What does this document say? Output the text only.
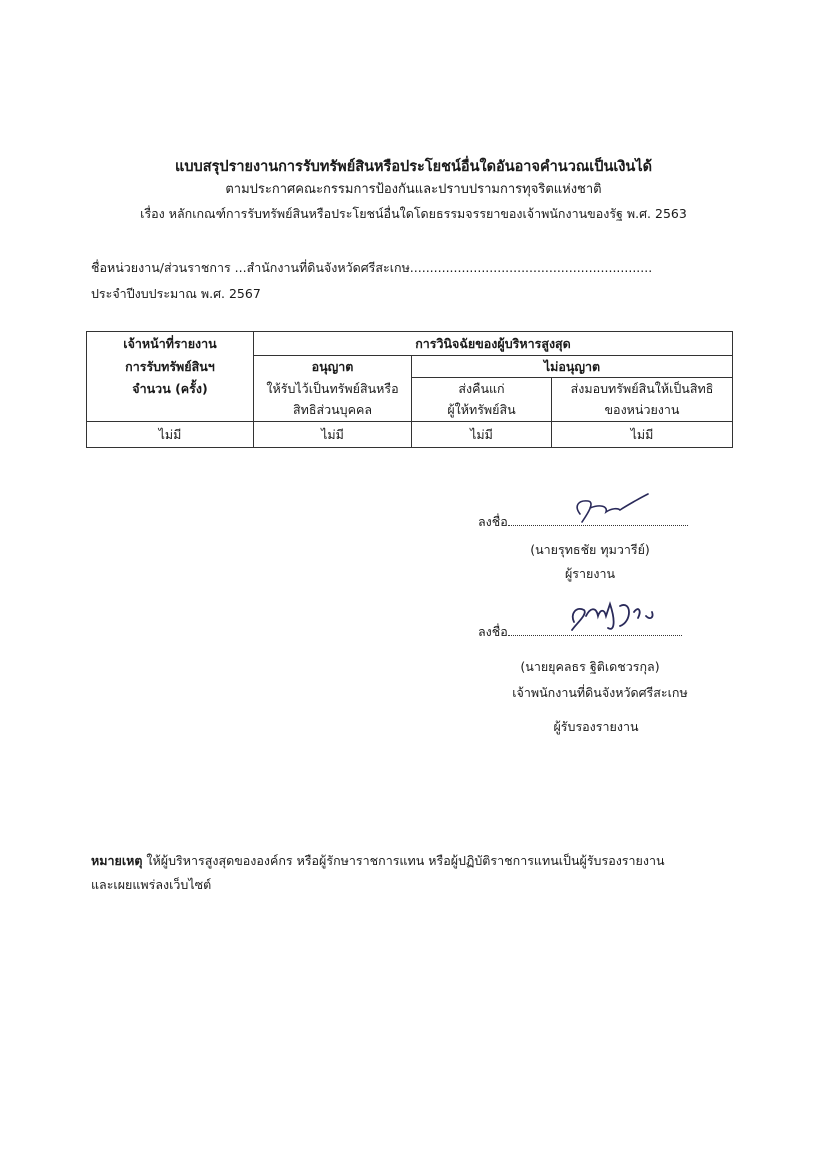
แบบสรุปรายงานการรับทรัพย์สินหรือประโยชน์อื่นใดอันอาจคำนวณเป็นเงินได้

ตามประกาศคณะกรรมการป้องกันและปราบปรามการทุจริตแห่งชาติ

เรื่อง หลักเกณฑ์การรับทรัพย์สินหรือประโยชน์อื่นใดโดยธรรมจรรยาของเจ้าพนักงานของรัฐ พ.ศ. 2563

ชื่อหน่วยงาน/ส่วนราชการ ...สำนักงานที่ดินจังหวัดศรีสะเกษ.............................................................
ประจำปีงบประมาณ พ.ศ. 2567
เจ้าหน้าที่รายงาน	การวินิจฉัยของผู้บริหารสูงสุด		
การรับทรัพย์สินฯ	อนุญาต	ไม่อนุญาต	
จำนวน (ครั้ง)	ให้รับไว้เป็นทรัพย์สินหรือ	ส่งคืนแก่	ส่งมอบทรัพย์สินให้เป็นสิทธิ
	สิทธิส่วนบุคคล	ผู้ให้ทรัพย์สิน	ของหน่วยงาน
ไม่มี	ไม่มี	ไม่มี	ไม่มี
ลงชื่อ
(นายรุทธชัย ทุมวารีย์)
ผู้รายงาน
ลงชื่อ
(นายยุคลธร ฐิติเดชวรกุล)
เจ้าพนักงานที่ดินจังหวัดศรีสะเกษ
ผู้รับรองรายงาน
หมายเหตุ ให้ผู้บริหารสูงสุดขององค์กร หรือผู้รักษาราชการแทน หรือผู้ปฏิบัติราชการแทนเป็นผู้รับรองรายงาน
และเผยแพร่ลงเว็บไซต์
